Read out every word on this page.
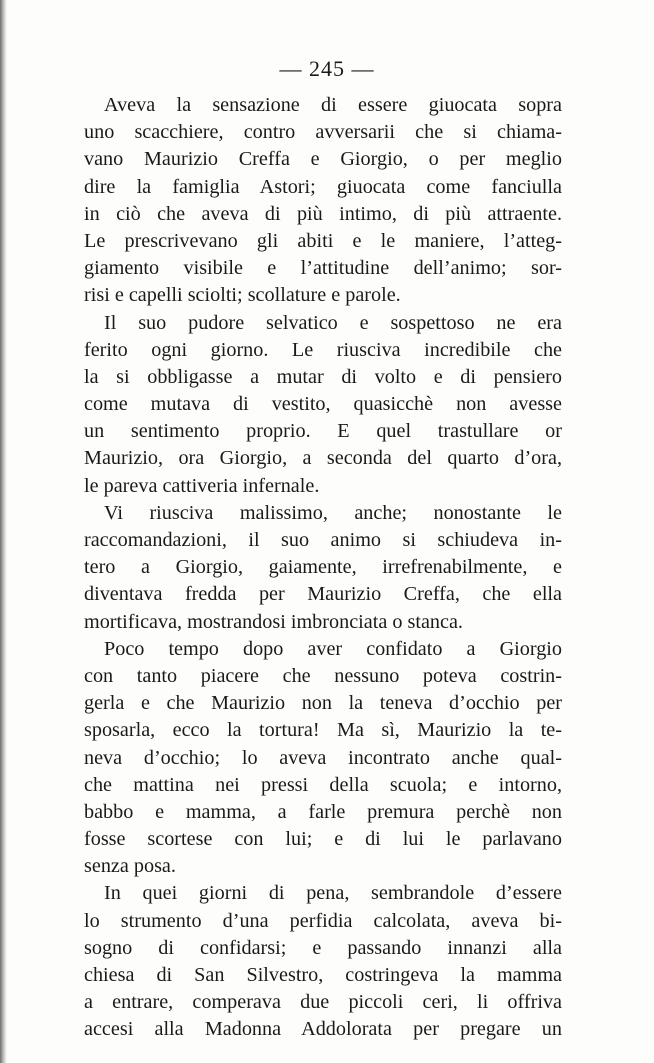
— 245 —
Aveva la sensazione di essere giuocata sopra
uno scacchiere, contro avversarii che si chiama-
vano Maurizio Creffa e Giorgio, o per meglio
dire la famiglia Astori; giuocata come fanciulla
in ciò che aveva di più intimo, di più attraente.
Le prescrivevano gli abiti e le maniere, l’atteg-
giamento visibile e l’attitudine dell’animo; sor-
risi e capelli sciolti; scollature e parole.
Il suo pudore selvatico e sospettoso ne era
ferito ogni giorno. Le riusciva incredibile che
la si obbligasse a mutar di volto e di pensiero
come mutava di vestito, quasicchè non avesse
un sentimento proprio. E quel trastullare or
Maurizio, ora Giorgio, a seconda del quarto d’ora,
le pareva cattiveria infernale.
Vi riusciva malissimo, anche; nonostante le
raccomandazioni, il suo animo si schiudeva in-
tero a Giorgio, gaiamente, irrefrenabilmente, e
diventava fredda per Maurizio Creffa, che ella
mortificava, mostrandosi imbronciata o stanca.
Poco tempo dopo aver confidato a Giorgio
con tanto piacere che nessuno poteva costrin-
gerla e che Maurizio non la teneva d’occhio per
sposarla, ecco la tortura! Ma sì, Maurizio la te-
neva d’occhio; lo aveva incontrato anche qual-
che mattina nei pressi della scuola; e intorno,
babbo e mamma, a farle premura perchè non
fosse scortese con lui; e di lui le parlavano
senza posa.
In quei giorni di pena, sembrandole d’essere
lo strumento d’una perfidia calcolata, aveva bi-
sogno di confidarsi; e passando innanzi alla
chiesa di San Silvestro, costringeva la mamma
a entrare, comperava due piccoli ceri, li offriva
accesi alla Madonna Addolorata per pregare un
